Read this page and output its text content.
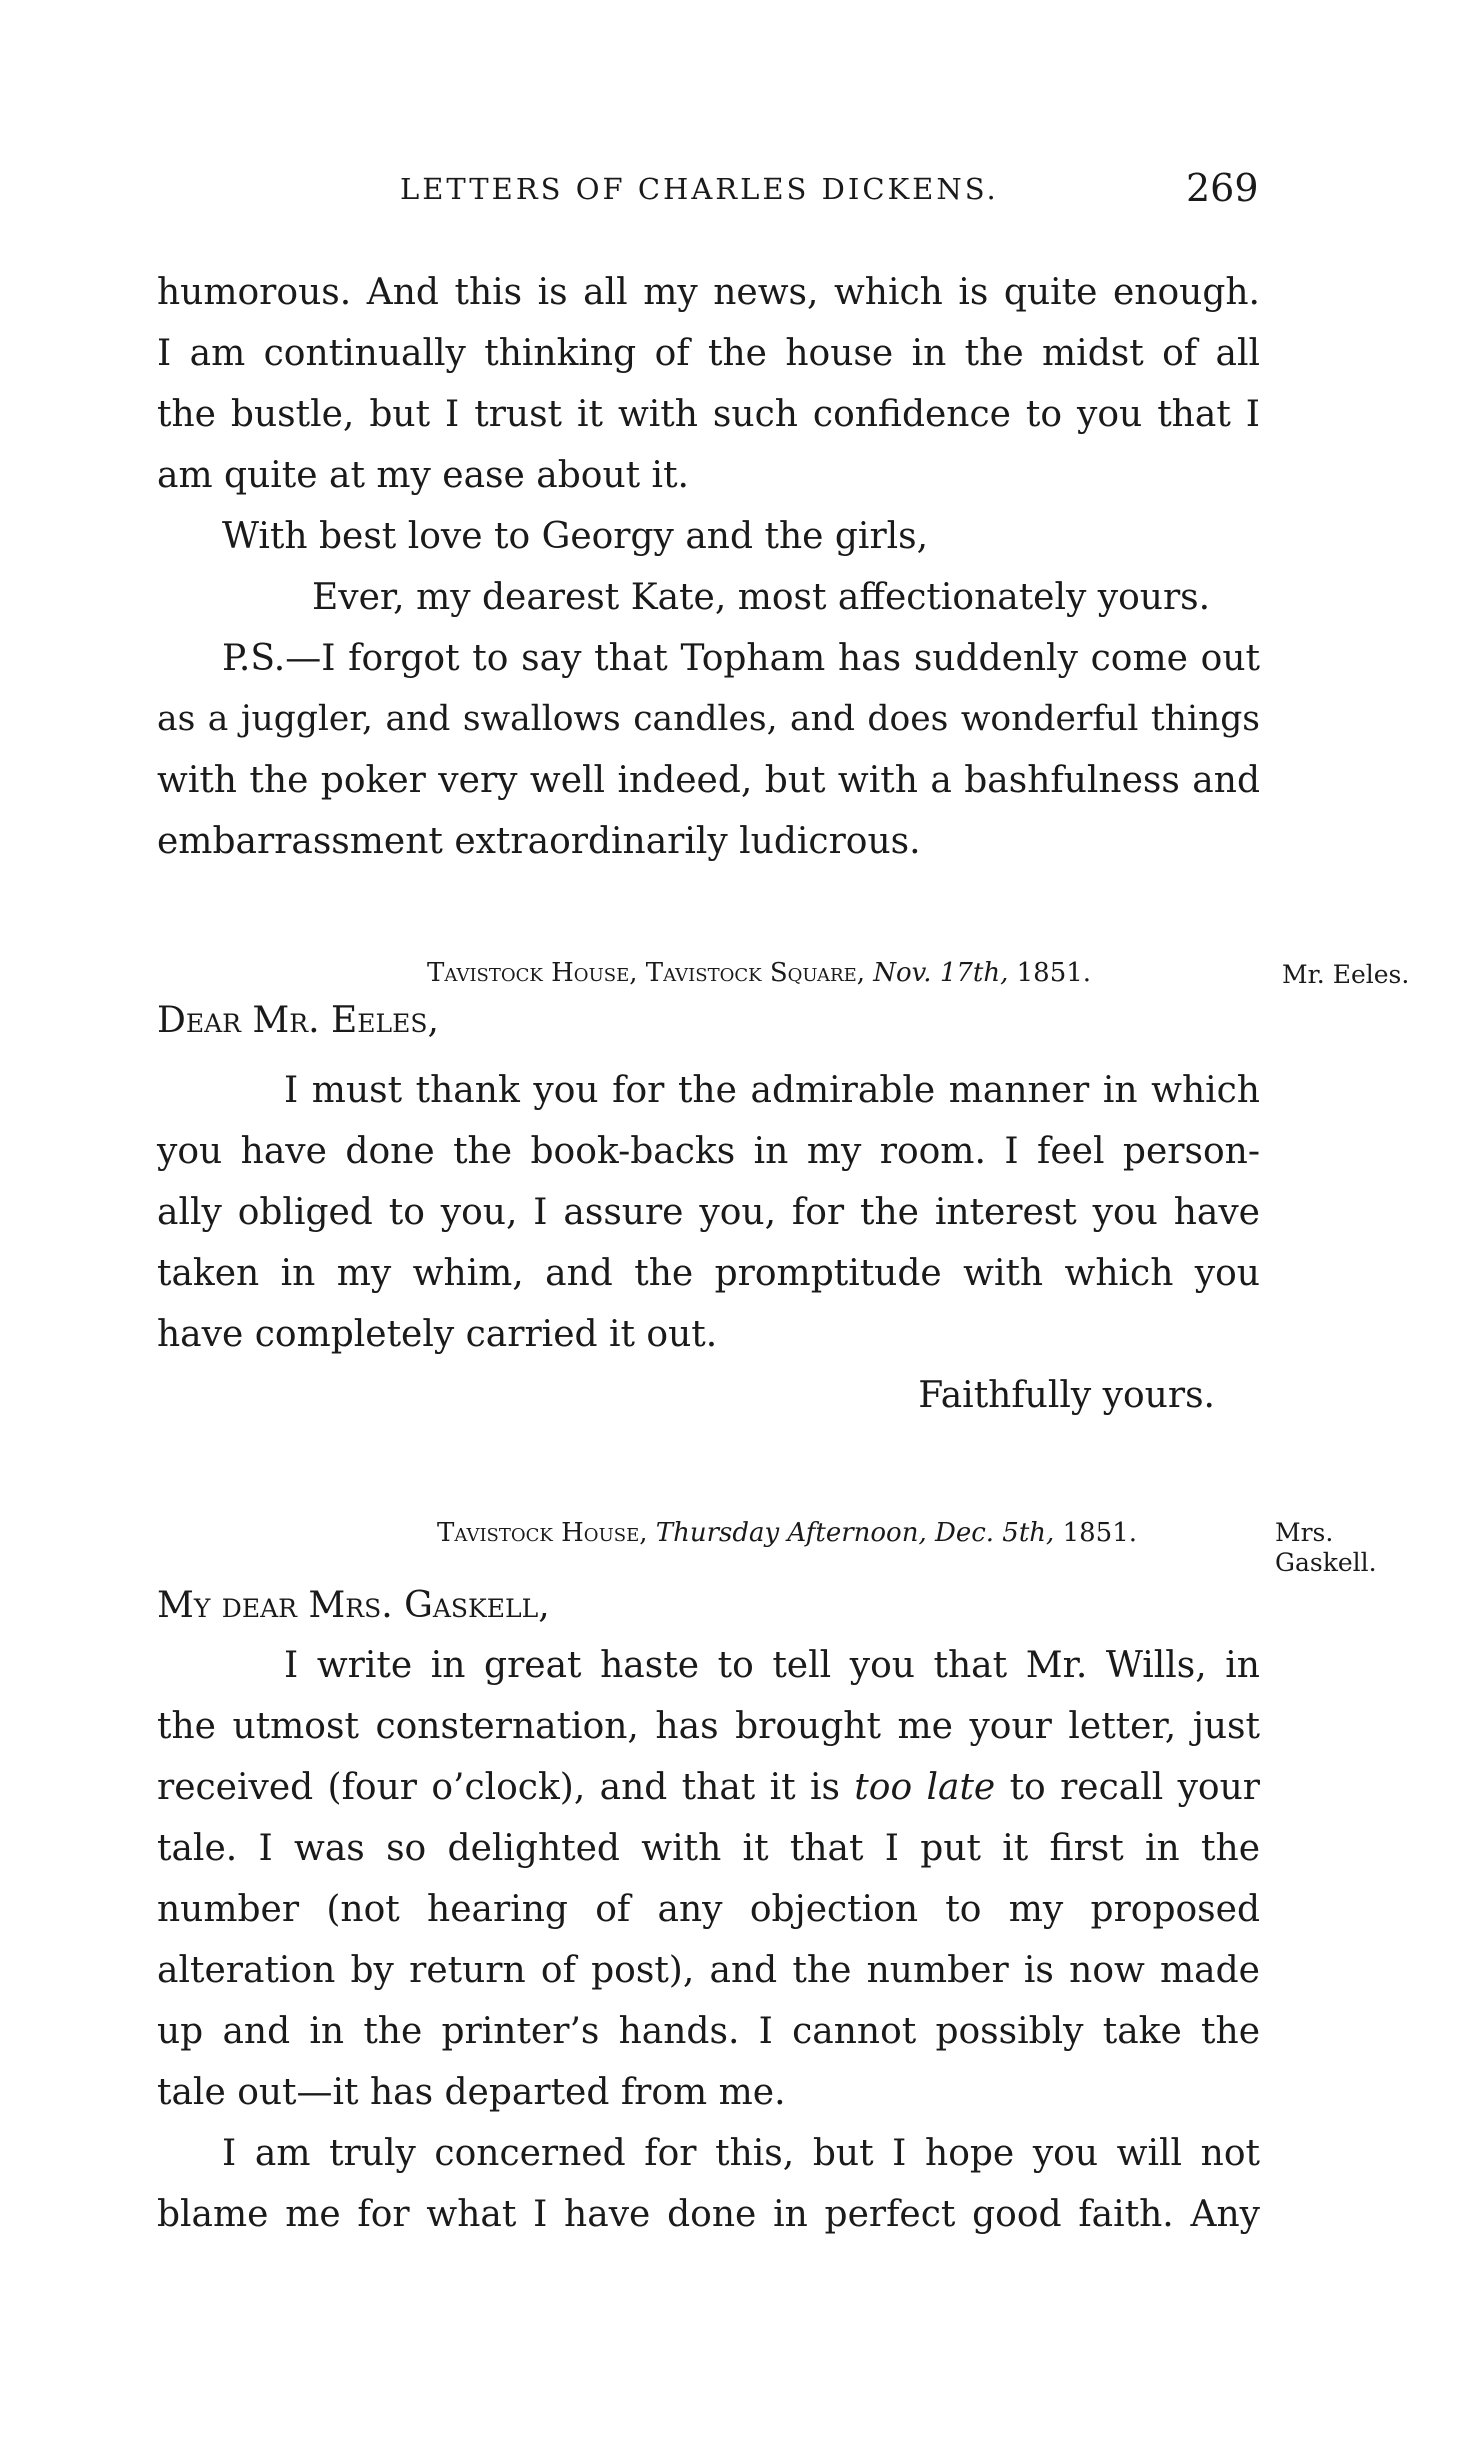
LETTERS OF CHARLES DICKENS.	269
humorous. And this is all my news, which is quite enough.
I am continually thinking of the house in the midst of all
the bustle, but I trust it with such confidence to you that I
am quite at my ease about it.
With best love to Georgy and the girls,
Ever, my dearest Kate, most affectionately yours.
P.S.—I forgot to say that Topham has suddenly come out
as a juggler, and swallows candles, and does wonderful things
with the poker very well indeed, but with a bashfulness and
embarrassment extraordinarily ludicrous.
Tavistock House, Tavistock Square, Nov. 17th, 1851.	Mr. Eeles.
Dear Mr. Eeles,
I must thank you for the admirable manner in which
you have done the book-backs in my room. I feel person-
ally obliged to you, I assure you, for the interest you have
taken in my whim, and the promptitude with which you
have completely carried it out.
Faithfully yours.
Tavistock House, Thursday Afternoon, Dec. 5th, 1851.	Mrs.
Gaskell.
My dear Mrs. Gaskell,
I write in great haste to tell you that Mr. Wills, in
the utmost consternation, has brought me your letter, just
received (four o’clock), and that it is too late to recall your
tale. I was so delighted with it that I put it first in the
number (not hearing of any objection to my proposed
alteration by return of post), and the number is now made
up and in the printer’s hands. I cannot possibly take the
tale out—it has departed from me.
I am truly concerned for this, but I hope you will not
blame me for what I have done in perfect good faith. Any
